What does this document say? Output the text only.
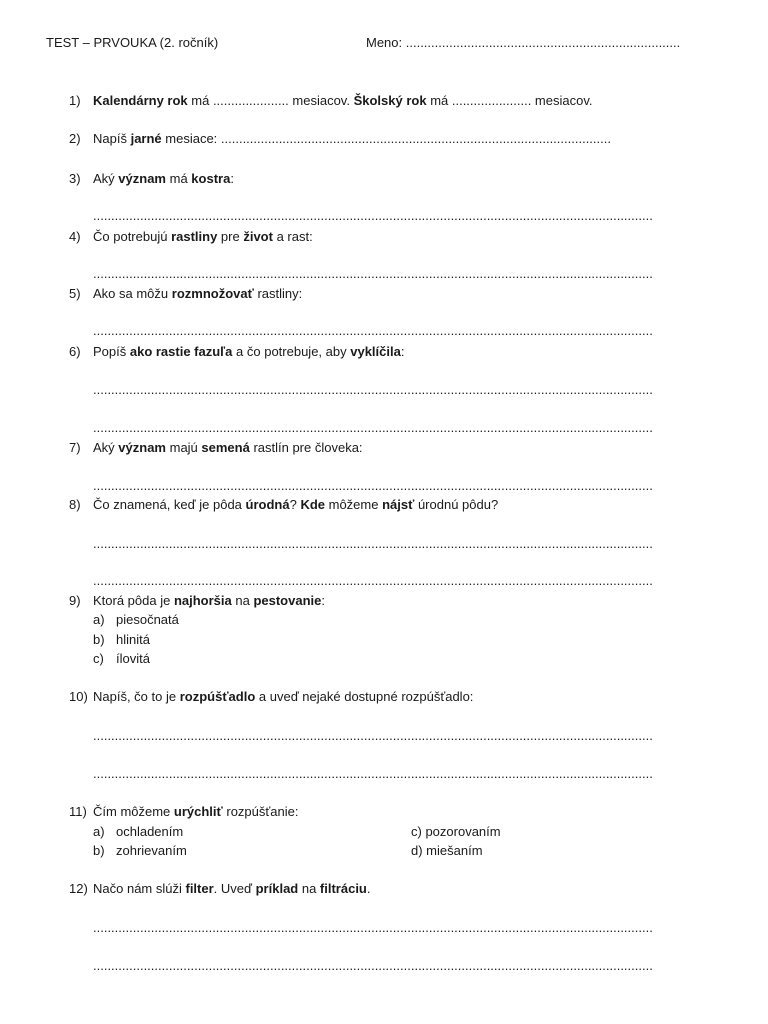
TEST – PRVOUKA (2. ročník)	Meno: ............................................................................
1) Kalendárny rok má ..................... mesiacov. Školský rok má ...................... mesiacov.
2) Napíš jarné mesiace: ............................................................................................................
3) Aký význam má kostra:
...........................................................................................................................................................
4) Čo potrebujú rastliny pre život a rast:
...........................................................................................................................................................
5) Ako sa môžu rozmnožovať rastliny:
...........................................................................................................................................................
6) Popíš ako rastie fazuľa a čo potrebuje, aby vyklíčila:
...........................................................................................................................................................
...........................................................................................................................................................
7) Aký význam majú semená rastlín pre človeka:
...........................................................................................................................................................
8) Čo znamená, keď je pôda úrodná? Kde môžeme nájsť úrodnú pôdu?
...........................................................................................................................................................
...........................................................................................................................................................
9) Ktorá pôda je najhoršia na pestovanie:
a) piesočnatá
b) hlinitá
c) ílovitá
10) Napíš, čo to je rozpúšťadlo a uveď nejaké dostupné rozpúšťadlo:
...........................................................................................................................................................
...........................................................................................................................................................
11) Čím môžeme urýchliť rozpúšťanie:
a) ochladením
b) zohrievaním
c) pozorovaním
d) miešaním
12) Načo nám slúži filter. Uveď príklad na filtráciu.
...........................................................................................................................................................
...........................................................................................................................................................
